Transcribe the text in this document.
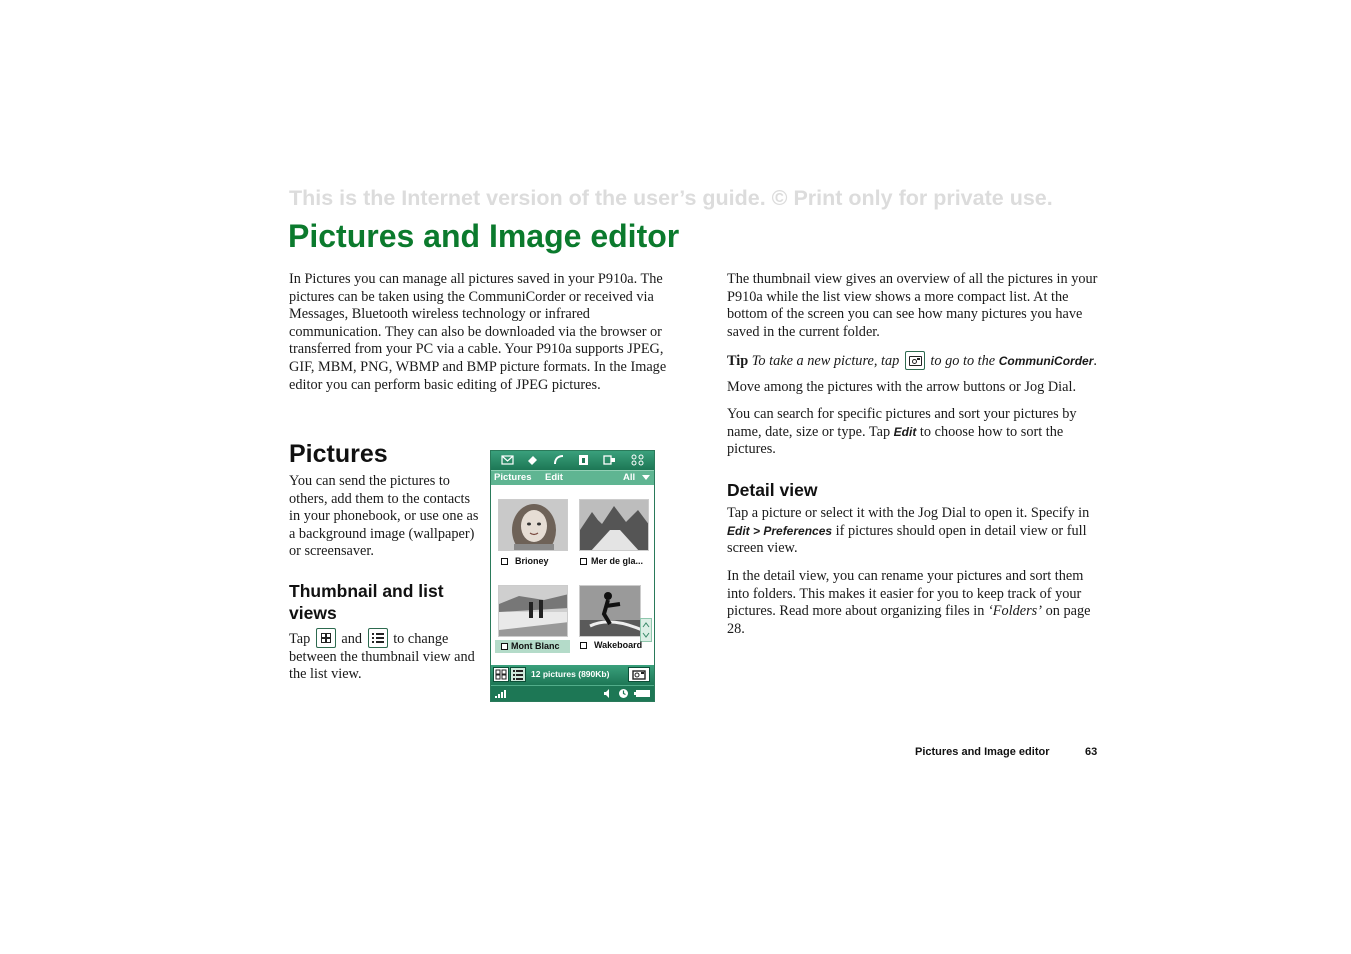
This is the Internet version of the user’s guide. © Print only for private use.
Pictures and Image editor

In Pictures you can manage all pictures saved in your P910a. The pictures can be taken using the CommuniCorder or received via Messages, Bluetooth wireless technology or infrared communication. They can also be downloaded via the browser or transferred from your PC via a cable. Your P910a supports JPEG, GIF, MBM, PNG, WBMP and BMP picture formats. In the Image editor you can perform basic editing of JPEG pictures.

Pictures

You can send the pictures to others, add them to the contacts in your phonebook, or use one as a background image (wallpaper) or screensaver.

Thumbnail and list views

Tap and to change between the thumbnail view and the list view.

Pictures Edit	All
Brioney	Mer de gla...
Mont Blanc	Wakeboard
12 pictures (890Kb)

The thumbnail view gives an overview of all the pictures in your P910a while the list view shows a more compact list. At the bottom of the screen you can see how many pictures you have saved in the current folder.

Tip To take a new picture, tap to go to the CommuniCorder.

Move among the pictures with the arrow buttons or Jog Dial.

You can search for specific pictures and sort your pictures by name, date, size or type. Tap Edit to choose how to sort the pictures.

Detail view

Tap a picture or select it with the Jog Dial to open it. Specify in Edit > Preferences if pictures should open in detail view or full screen view.

In the detail view, you can rename your pictures and sort them into folders. This makes it easier for you to keep track of your pictures. Read more about organizing files in ‘Folders’ on page 28.

Pictures and Image editor	63
